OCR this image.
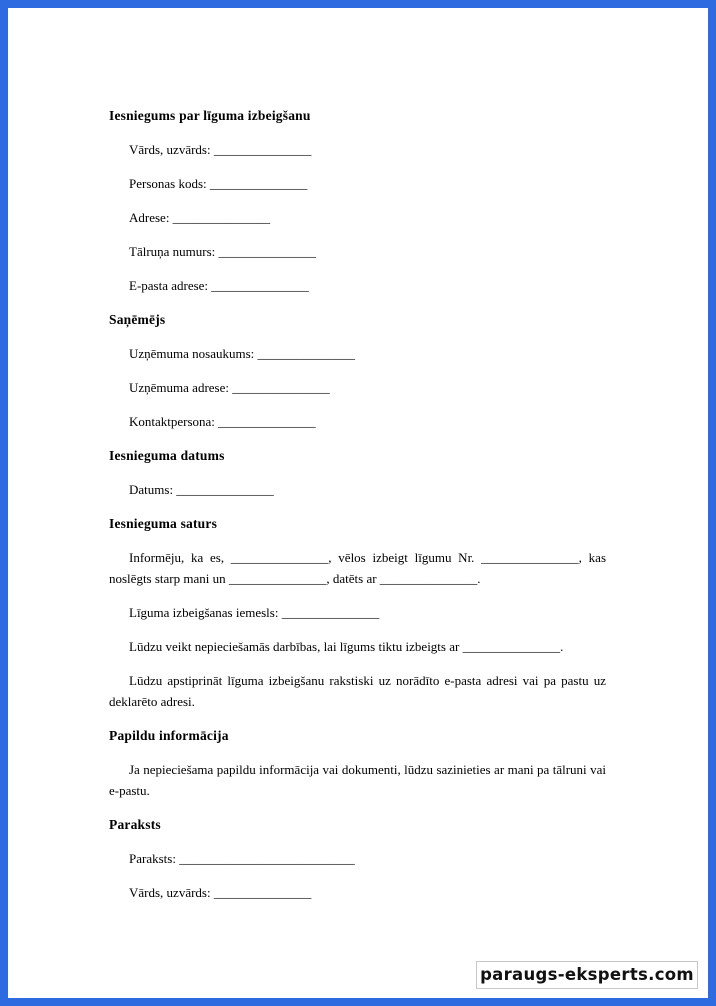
Iesniegums par līguma izbeigšanu

Vārds, uzvārds: _______________

Personas kods: _______________

Adrese: _______________

Tālruņa numurs: _______________

E-pasta adrese: _______________

Saņēmējs

Uzņēmuma nosaukums: _______________

Uzņēmuma adrese: _______________

Kontaktpersona: _______________

Iesnieguma datums

Datums: _______________

Iesnieguma saturs

Informēju, ka es, _______________, vēlos izbeigt līgumu Nr. _______________, kas noslēgts starp mani un _______________, datēts ar _______________.

Līguma izbeigšanas iemesls: _______________

Lūdzu veikt nepieciešamās darbības, lai līgums tiktu izbeigts ar _______________.

Lūdzu apstiprināt līguma izbeigšanu rakstiski uz norādīto e-pasta adresi vai pa pastu uz deklarēto adresi.

Papildu informācija

Ja nepieciešama papildu informācija vai dokumenti, lūdzu sazinieties ar mani pa tālruni vai e-pastu.

Paraksts

Paraksts: ___________________________

Vārds, uzvārds: _______________

paraugs-eksperts.com
